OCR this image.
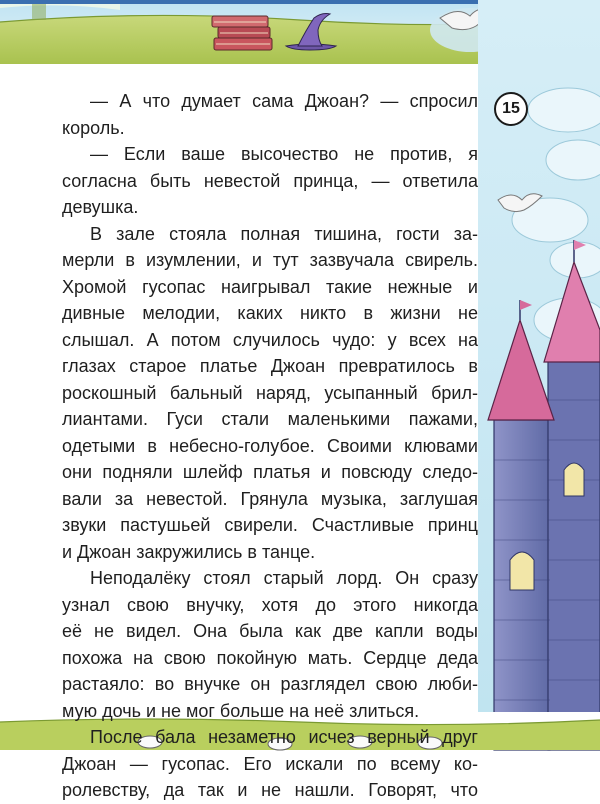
15
— А что думает сама Джоан? — спросил
король.
— Если ваше высочество не против, я
согласна быть невестой принца, — ответила
девушка.
В зале стояла полная тишина, гости за-
мерли в изумлении, и тут зазвучала свирель.
Хромой гусопас наигрывал такие нежные и
дивные мелодии, каких никто в жизни не
слышал. А потом случилось чудо: у всех на
глазах старое платье Джоан превратилось в
роскошный бальный наряд, усыпанный брил-
лиантами. Гуси стали маленькими пажами,
одетыми в небесно-голубое. Своими клювами
они подняли шлейф платья и повсюду следо-
вали за невестой. Грянула музыка, заглушая
звуки пастушьей свирели. Счастливые принц
и Джоан закружились в танце.
Неподалёку стоял старый лорд. Он сразу
узнал свою внучку, хотя до этого никогда
её не видел. Она была как две капли воды
похожа на свою покойную мать. Сердце деда
растаяло: во внучке он разглядел свою люби-
мую дочь и не мог больше на неё злиться.
После бала незаметно исчез верный друг
Джоан — гусопас. Его искали по всему ко-
ролевству, да так и не нашли. Говорят, что
